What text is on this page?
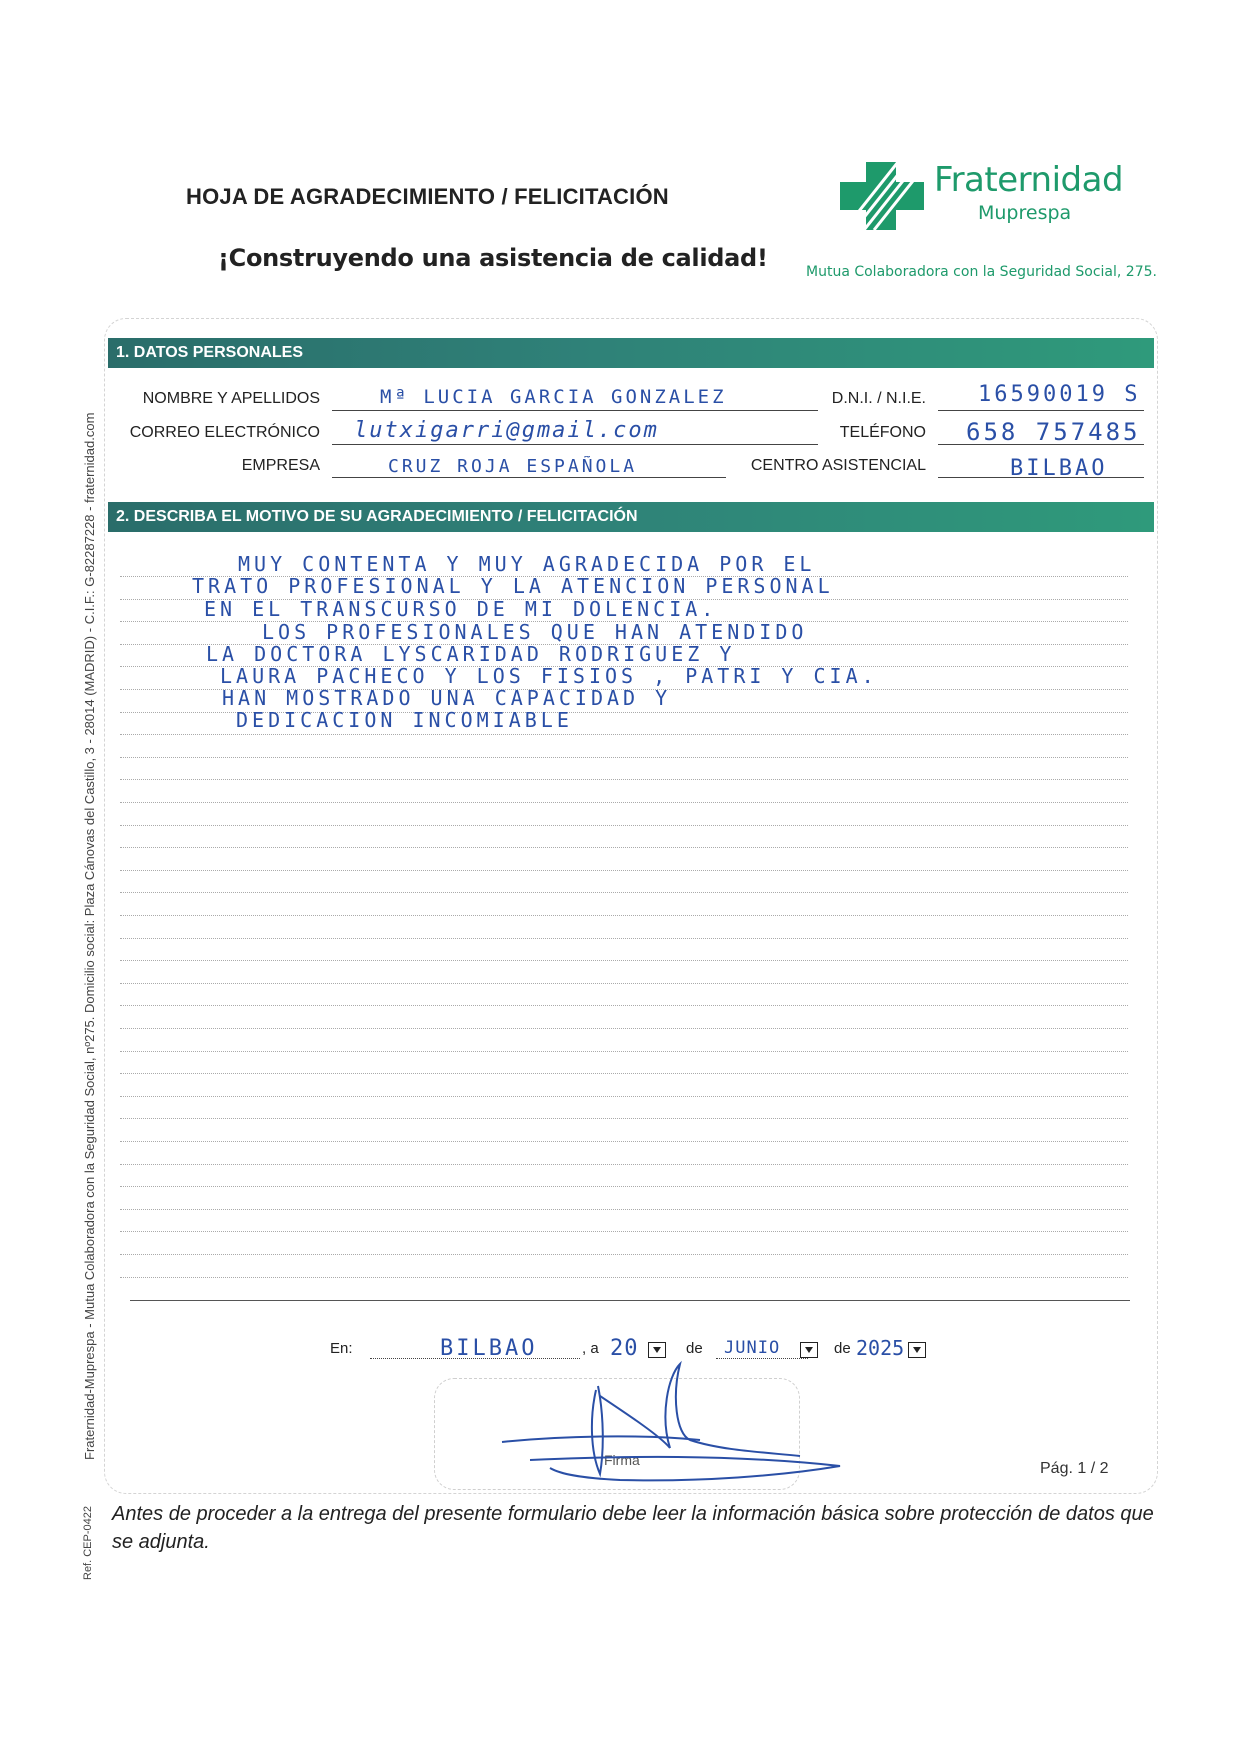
HOJA DE AGRADECIMIENTO / FELICITACIÓN
¡Construyendo una asistencia de calidad!
Fraternidad
Muprespa
Mutua Colaboradora con la Seguridad Social, 275.
1. DATOS PERSONALES
NOMBRE Y APELLIDOS	Mª LUCIA GARCIA GONZALEZ	D.N.I. / N.I.E. 16590019 S
CORREO ELECTRÓNICO lutxigarri@gmail.com	TELÉFONO 658 757485
EMPRESA	CRUZ ROJA ESPAÑOLA	CENTRO ASISTENCIAL	BILBAO
2. DESCRIBA EL MOTIVO DE SU AGRADECIMIENTO / FELICITACIÓN
MUY CONTENTA Y MUY AGRADECIDA POR EL
TRATO PROFESIONAL Y LA ATENCION PERSONAL
EN EL TRANSCURSO DE MI DOLENCIA.
LOS PROFESIONALES QUE HAN ATENDIDO
LA DOCTORA LYSCARIDAD RODRIGUEZ Y
LAURA PACHECO Y LOS FISIOS , PATRI Y CIA.
HAN MOSTRADO UNA CAPACIDAD Y
DEDICACION INCOMIABLE
En:	BILBAO	, a 20	de JUNIO	de 2025
Firma	Pág. 1 / 2
Antes de proceder a la entrega del presente formulario debe leer la información básica sobre protección de datos que se adjunta.
Fraternidad-Muprespa - Mutua Colaboradora con la Seguridad Social, nº275. Domicilio social: Plaza Cánovas del Castillo, 3 - 28014 (MADRID) - C.I.F.: G-82287228 - fraternidad.com
Ref. CEP-0422
